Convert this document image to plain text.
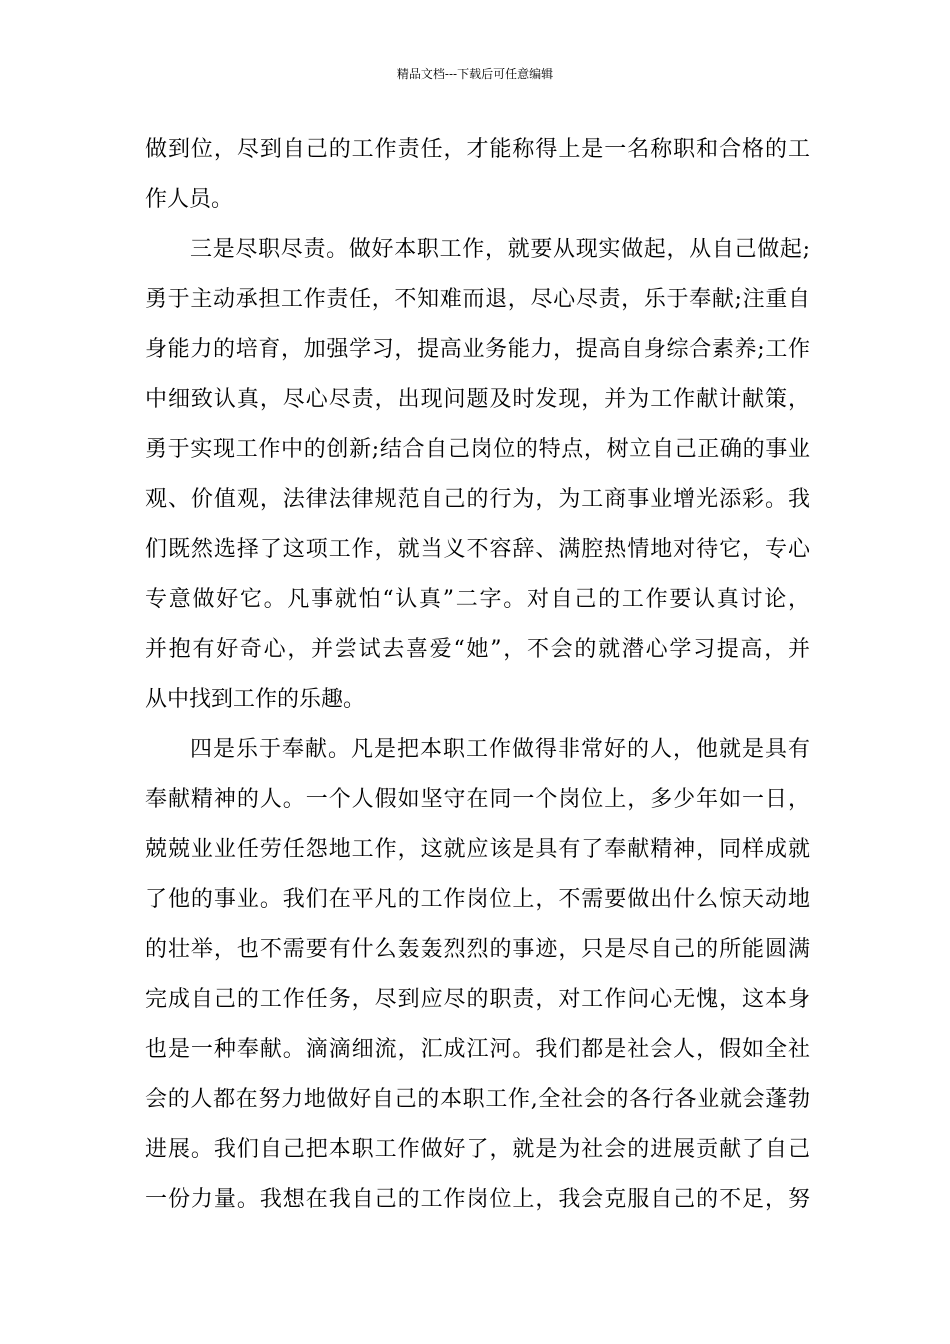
精品文档---下载后可任意编辑
做到位，尽到自己的工作责任，才能称得上是一名称职和合格的工
作人员。
三是尽职尽责。做好本职工作，就要从现实做起，从自己做起;
勇于主动承担工作责任，不知难而退，尽心尽责，乐于奉献;注重自
身能力的培育，加强学习，提高业务能力，提高自身综合素养;工作
中细致认真，尽心尽责，出现问题及时发现，并为工作献计献策，
勇于实现工作中的创新;结合自己岗位的特点，树立自己正确的事业
观、价值观，法律法律规范自己的行为，为工商事业增光添彩。我
们既然选择了这项工作，就当义不容辞、满腔热情地对待它，专心
专意做好它。凡事就怕“认真”二字。对自己的工作要认真讨论，
并抱有好奇心，并尝试去喜爱“她”，不会的就潜心学习提高，并
从中找到工作的乐趣。
四是乐于奉献。凡是把本职工作做得非常好的人，他就是具有
奉献精神的人。一个人假如坚守在同一个岗位上，多少年如一日，
兢兢业业任劳任怨地工作，这就应该是具有了奉献精神，同样成就
了他的事业。我们在平凡的工作岗位上，不需要做出什么惊天动地
的壮举，也不需要有什么轰轰烈烈的事迹，只是尽自己的所能圆满
完成自己的工作任务，尽到应尽的职责，对工作问心无愧，这本身
也是一种奉献。滴滴细流，汇成江河。我们都是社会人，假如全社
会的人都在努力地做好自己的本职工作,全社会的各行各业就会蓬勃
进展。我们自己把本职工作做好了，就是为社会的进展贡献了自己
一份力量。我想在我自己的工作岗位上，我会克服自己的不足，努
